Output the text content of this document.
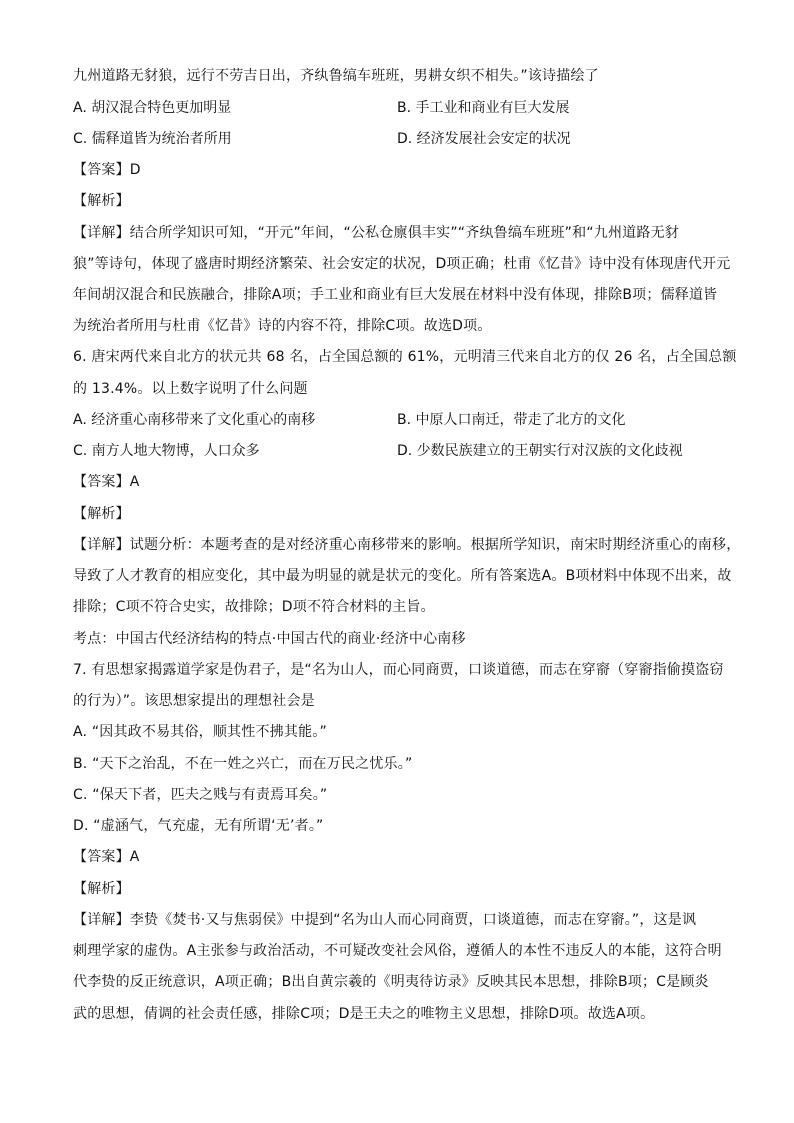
九州道路无豺狼，远行不劳吉日出，齐纨鲁缟车班班，男耕女织不相失。”该诗描绘了
A. 胡汉混合特色更加明显	B. 手工业和商业有巨大发展
C. 儒释道皆为统治者所用	D. 经济发展社会安定的状况
【答案】D
【解析】
【详解】结合所学知识可知，“开元”年间，“公私仓廪俱丰实”“齐纨鲁缟车班班”和“九州道路无豺
狼”等诗句，体现了盛唐时期经济繁荣、社会安定的状况，D项正确；杜甫《忆昔》诗中没有体现唐代开元
年间胡汉混合和民族融合，排除A项；手工业和商业有巨大发展在材料中没有体现，排除B项；儒释道皆
为统治者所用与杜甫《忆昔》诗的内容不符，排除C项。故选D项。
6. 唐宋两代来自北方的状元共 68 名，占全国总额的 61%，元明清三代来自北方的仅 26 名，占全国总额
的 13.4%。以上数字说明了什么问题
A. 经济重心南移带来了文化重心的南移	B. 中原人口南迁，带走了北方的文化
C. 南方人地大物博，人口众多	D. 少数民族建立的王朝实行对汉族的文化歧视
【答案】A
【解析】
【详解】试题分析：本题考查的是对经济重心南移带来的影响。根据所学知识，南宋时期经济重心的南移，
导致了人才教育的相应变化，其中最为明显的就是状元的变化。所有答案选A。B项材料中体现不出来，故
排除；C项不符合史实，故排除；D项不符合材料的主旨。
考点：中国古代经济结构的特点·中国古代的商业·经济中心南移
7. 有思想家揭露道学家是伪君子，是“名为山人，而心同商贾，口谈道德，而志在穿窬（穿窬指偷摸盗窃
的行为）”。该思想家提出的理想社会是
A. “因其政不易其俗，顺其性不拂其能。”
B. “天下之治乱，不在一姓之兴亡，而在万民之忧乐。”
C. “保天下者，匹夫之贱与有责焉耳矣。”
D. “虚涵气，气充虚，无有所谓‘无’者。”
【答案】A
【解析】
【详解】李贽《焚书·又与焦弱侯》中提到“名为山人而心同商贾，口谈道德，而志在穿窬。”，这是讽
刺理学家的虚伪。A主张参与政治活动，不可疑改变社会风俗，遵循人的本性不违反人的本能，这符合明
代李贽的反正统意识，A项正确；B出自黄宗羲的《明夷待访录》反映其民本思想，排除B项；C是顾炎
武的思想，倩调的社会责任感，排除C项；D是王夫之的唯物主义思想，排除D项。故选A项。
